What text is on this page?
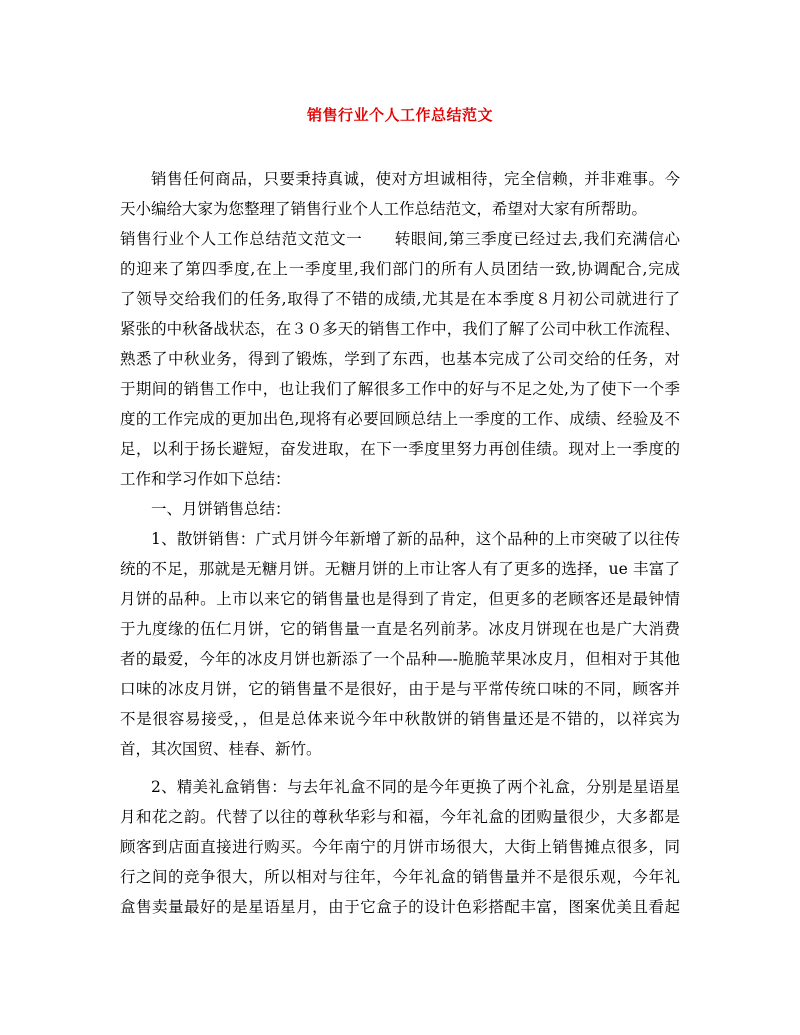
销售行业个人工作总结范文
销售任何商品，只要秉持真诚，使对方坦诚相待，完全信赖，并非难事。今
天小编给大家为您整理了销售行业个人工作总结范文，希望对大家有所帮助。
销售行业个人工作总结范文范文一　　转眼间,第三季度已经过去,我们充满信心
的迎来了第四季度,在上一季度里,我们部门的所有人员团结一致,协调配合,完成
了领导交给我们的任务,取得了不错的成绩,尤其是在本季度８月初公司就进行了
紧张的中秋备战状态，在３０多天的销售工作中，我们了解了公司中秋工作流程、
熟悉了中秋业务，得到了锻炼，学到了东西，也基本完成了公司交给的任务，对
于期间的销售工作中，也让我们了解很多工作中的好与不足之处,为了使下一个季
度的工作完成的更加出色,现将有必要回顾总结上一季度的工作、成绩、经验及不
足，以利于扬长避短，奋发进取，在下一季度里努力再创佳绩。现对上一季度的
工作和学习作如下总结：
一、月饼销售总结：
1、散饼销售：广式月饼今年新增了新的品种，这个品种的上市突破了以往传
统的不足，那就是无糖月饼。无糖月饼的上市让客人有了更多的选择，ue 丰富了
月饼的品种。上市以来它的销售量也是得到了肯定，但更多的老顾客还是最钟情
于九度缘的伍仁月饼，它的销售量一直是名列前茅。冰皮月饼现在也是广大消费
者的最爱，今年的冰皮月饼也新添了一个品种—-脆脆苹果冰皮月，但相对于其他
口味的冰皮月饼，它的销售量不是很好，由于是与平常传统口味的不同，顾客并
不是很容易接受，，但是总体来说今年中秋散饼的销售量还是不错的，以祥宾为
首，其次国贸、桂春、新竹。
2、精美礼盒销售：与去年礼盒不同的是今年更换了两个礼盒，分别是星语星
月和花之韵。代替了以往的尊秋华彩与和福，今年礼盒的团购量很少，大多都是
顾客到店面直接进行购买。今年南宁的月饼市场很大，大街上销售摊点很多，同
行之间的竞争很大，所以相对与往年，今年礼盒的销售量并不是很乐观，今年礼
盒售卖量最好的是星语星月，由于它盒子的设计色彩搭配丰富，图案优美且看起
